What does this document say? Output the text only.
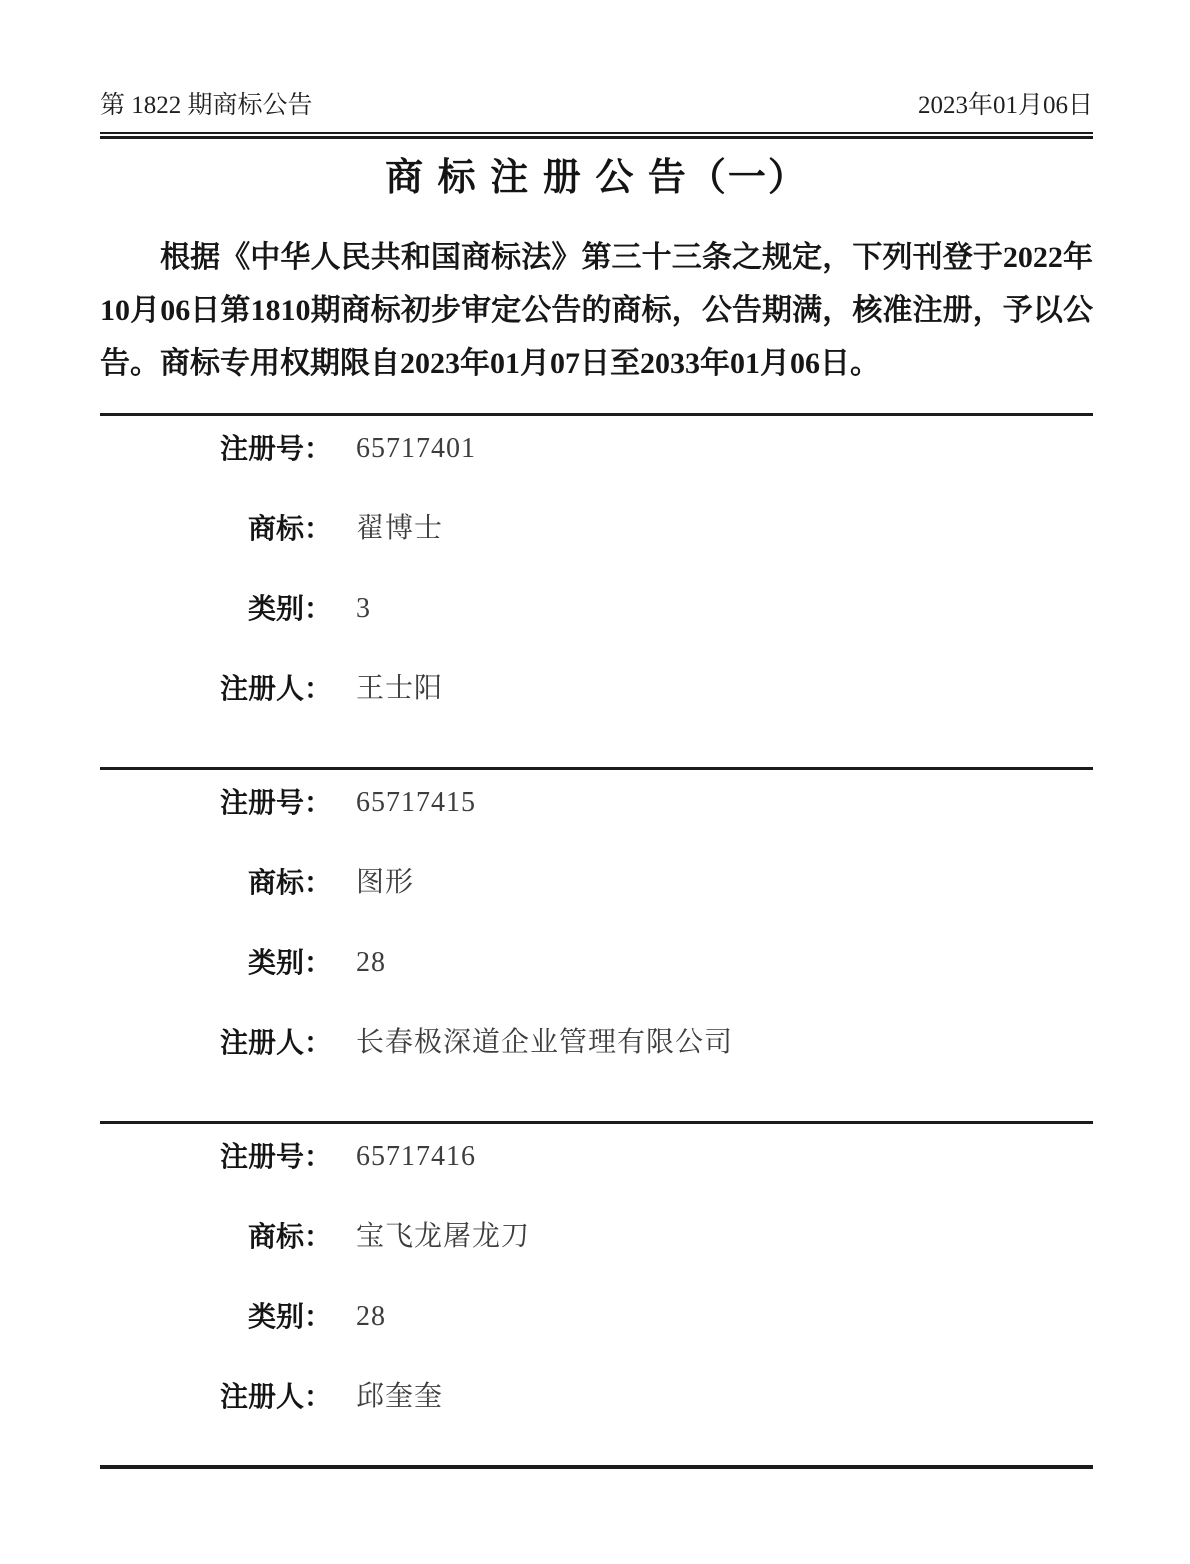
第 1822 期商标公告	2023年01月06日
商 标 注 册 公 告（一）

根据《中华人民共和国商标法》第三十三条之规定，下列刊登于2022年10月06日第1810期商标初步审定公告的商标，公告期满，核准注册，予以公告。商标专用权期限自2023年01月07日至2033年01月06日。

注册号： 65717401
商标： 翟博士
类别： 3
注册人： 王士阳
注册号： 65717415
商标： 图形
类别： 28
注册人： 长春极深道企业管理有限公司
注册号： 65717416
商标： 宝飞龙屠龙刀
类别： 28
注册人： 邱奎奎
